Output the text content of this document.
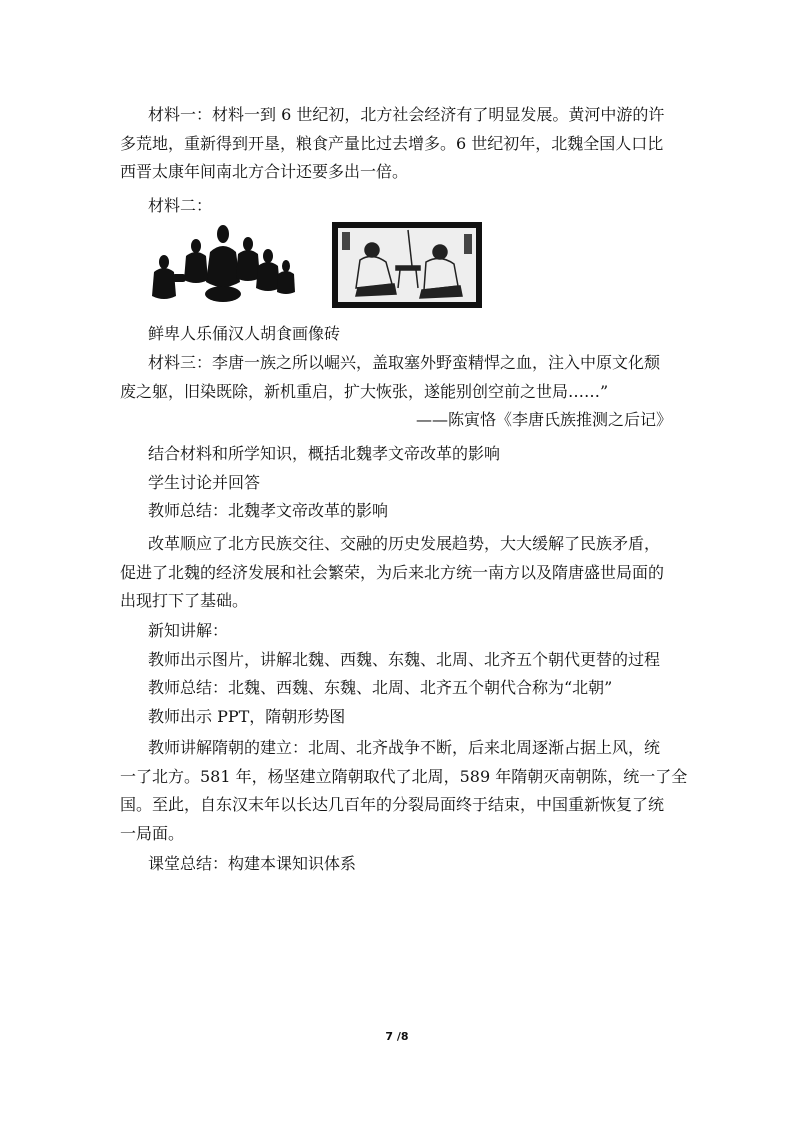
材料一：材料一到 6 世纪初，北方社会经济有了明显发展。黄河中游的许
多荒地，重新得到开垦，粮食产量比过去增多。6 世纪初年，北魏全国人口比
西晋太康年间南北方合计还要多出一倍。

材料二：

鲜卑人乐俑汉人胡食画像砖

材料三：李唐一族之所以崛兴，盖取塞外野蛮精悍之血，注入中原文化颓
废之躯，旧染既除，新机重启，扩大恢张，遂能别创空前之世局……”
——陈寅恪《李唐氏族推测之后记》

结合材料和所学知识，概括北魏孝文帝改革的影响
学生讨论并回答
教师总结：北魏孝文帝改革的影响

改革顺应了北方民族交往、交融的历史发展趋势，大大缓解了民族矛盾，
促进了北魏的经济发展和社会繁荣，为后来北方统一南方以及隋唐盛世局面的
出现打下了基础。

新知讲解：
教师出示图片，讲解北魏、西魏、东魏、北周、北齐五个朝代更替的过程
教师总结：北魏、西魏、东魏、北周、北齐五个朝代合称为“北朝”
教师出示 PPT，隋朝形势图

教师讲解隋朝的建立：北周、北齐战争不断，后来北周逐渐占据上风，统
一了北方。581 年，杨坚建立隋朝取代了北周，589 年隋朝灭南朝陈，统一了全
国。至此，自东汉末年以长达几百年的分裂局面终于结束，中国重新恢复了统
一局面。

课堂总结：构建本课知识体系

7 /8
